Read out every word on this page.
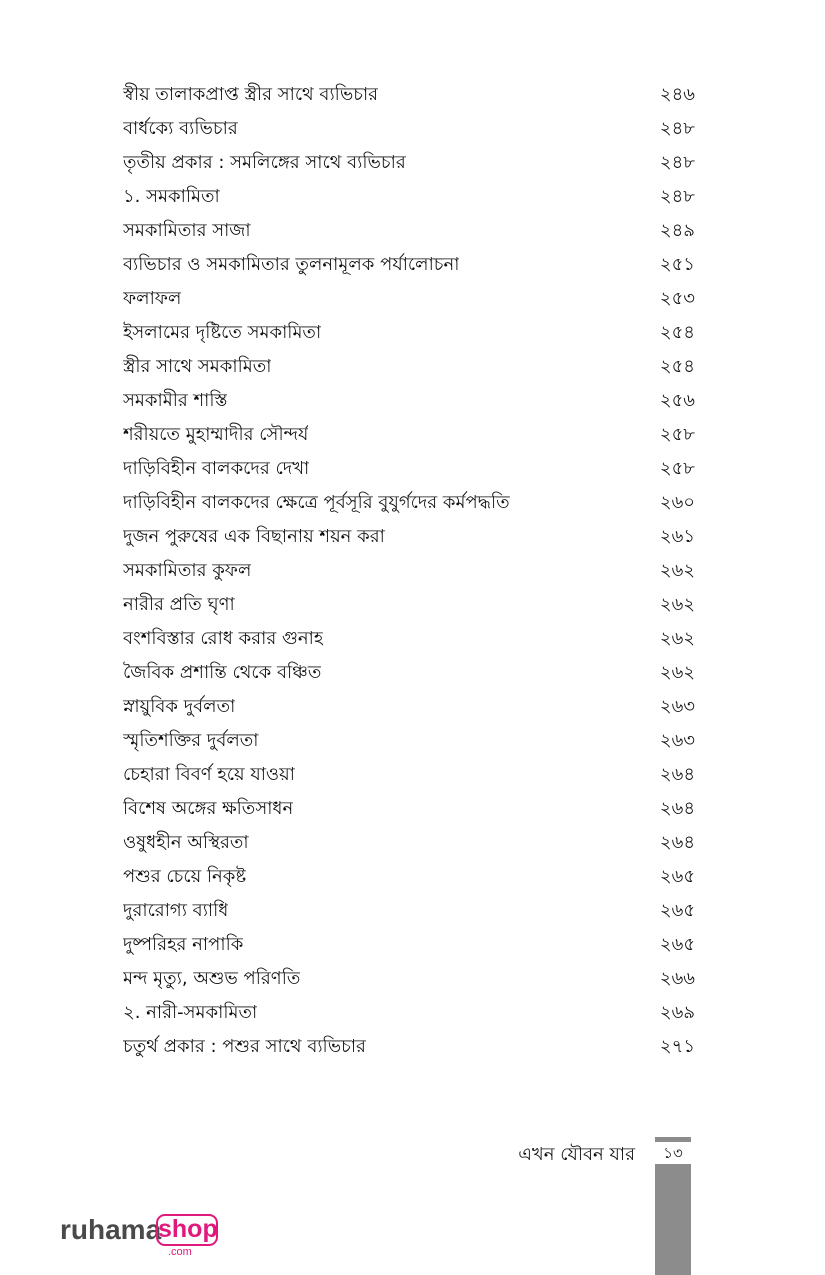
স্বীয় তালাকপ্রাপ্ত স্ত্রীর সাথে ব্যভিচার	২৪৬
বার্ধক্যে ব্যভিচার	২৪৮
তৃতীয় প্রকার : সমলিঙ্গের সাথে ব্যভিচার	২৪৮
১. সমকামিতা	২৪৮
সমকামিতার সাজা	২৪৯
ব্যভিচার ও সমকামিতার তুলনামূলক পর্যালোচনা	২৫১
ফলাফল	২৫৩
ইসলামের দৃষ্টিতে সমকামিতা	২৫৪
স্ত্রীর সাথে সমকামিতা	২৫৪
সমকামীর শাস্তি	২৫৬
শরীয়তে মুহাম্মাদীর সৌন্দর্য	২৫৮
দাড়িবিহীন বালকদের দেখা	২৫৮
দাড়িবিহীন বালকদের ক্ষেত্রে পূর্বসূরি বুযুর্গদের কর্মপদ্ধতি	২৬০
দুজন পুরুষের এক বিছানায় শয়ন করা	২৬১
সমকামিতার কুফল	২৬২
নারীর প্রতি ঘৃণা	২৬২
বংশবিস্তার রোধ করার গুনাহ	২৬২
জৈবিক প্রশান্তি থেকে বঞ্চিত	২৬২
স্নায়ুবিক দুর্বলতা	২৬৩
স্মৃতিশক্তির দুর্বলতা	২৬৩
চেহারা বিবর্ণ হয়ে যাওয়া	২৬৪
বিশেষ অঙ্গের ক্ষতিসাধন	২৬৪
ওষুধহীন অস্থিরতা	২৬৪
পশুর চেয়ে নিকৃষ্ট	২৬৫
দুরারোগ্য ব্যাধি	২৬৫
দুষ্পরিহর নাপাকি	২৬৫
মন্দ মৃত্যু, অশুভ পরিণতি	২৬৬
২. নারী-সমকামিতা	২৬৯
চতুর্থ প্রকার : পশুর সাথে ব্যভিচার	২৭১
এখন যৌবন যার	১৩
ruhama
shop
.com
